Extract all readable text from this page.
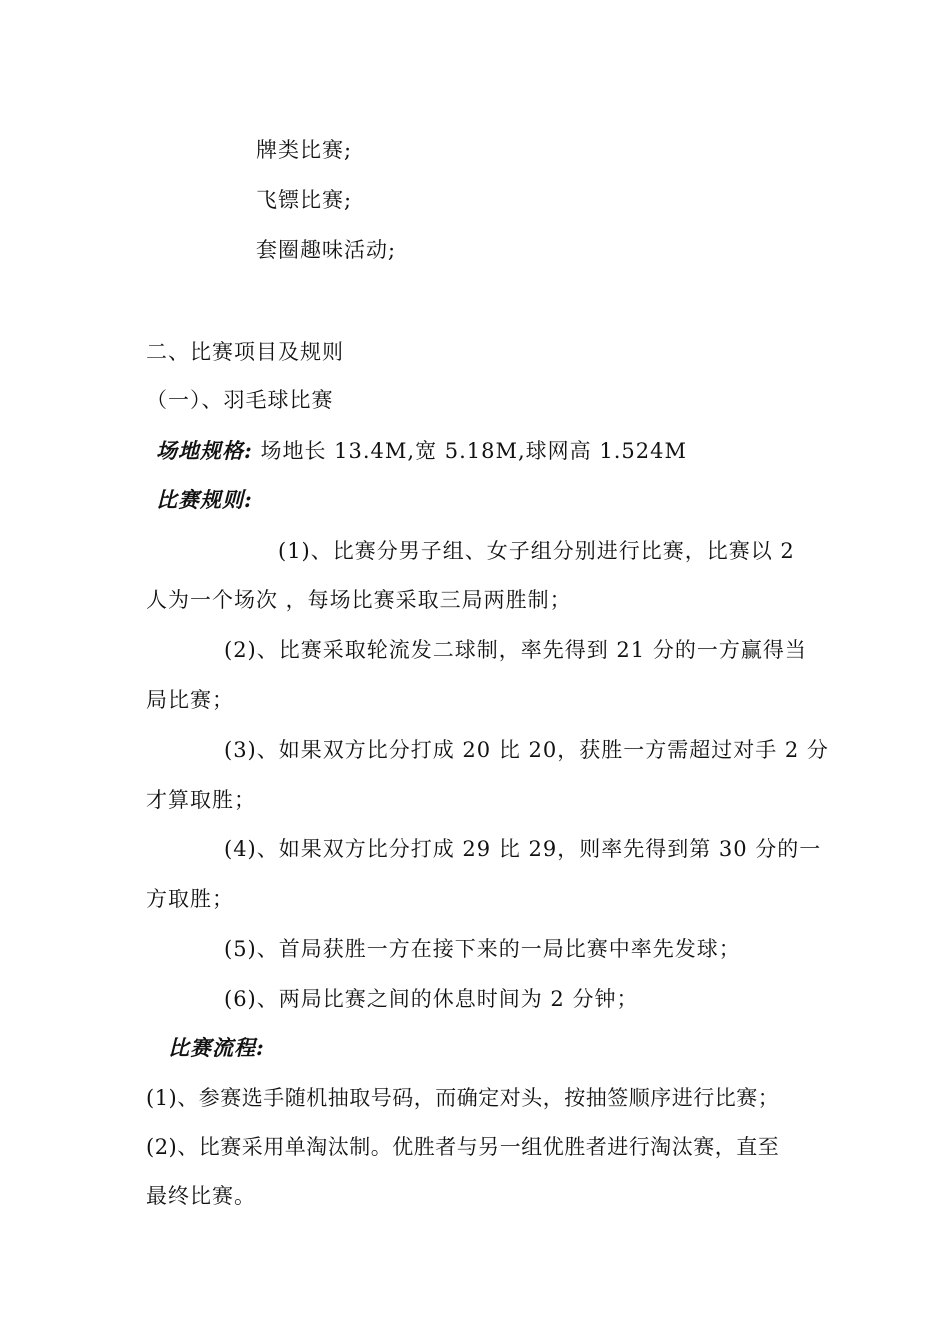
牌类比赛;
飞镖比赛;
套圈趣味活动;
二、比赛项目及规则
（一）、羽毛球比赛
场地规格: 场地长 13.4M,宽 5.18M,球网高 1.524M
比赛规则:
(1)、比赛分男子组、女子组分别进行比赛，比赛以 2
人为一个场次 ，每场比赛采取三局两胜制；
(2)、比赛采取轮流发二球制，率先得到 21 分的一方赢得当
局比赛；
(3)、如果双方比分打成 20 比 20，获胜一方需超过对手 2 分
才算取胜；
(4)、如果双方比分打成 29 比 29，则率先得到第 30 分的一
方取胜；
(5)、首局获胜一方在接下来的一局比赛中率先发球；
(6)、两局比赛之间的休息时间为 2 分钟；
比赛流程:
(1)、参赛选手随机抽取号码，而确定对头，按抽签顺序进行比赛；
(2)、比赛采用单淘汰制。优胜者与另一组优胜者进行淘汰赛，直至
最终比赛。
